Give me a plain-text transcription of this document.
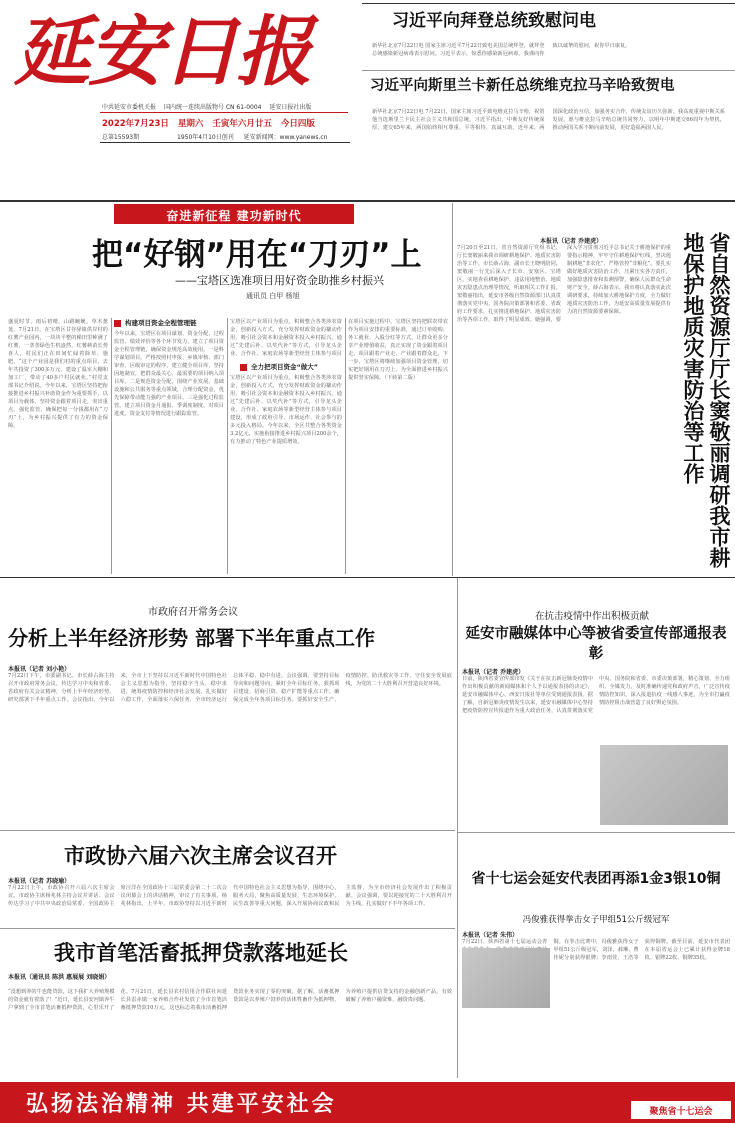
延安日报
中共延安市委机关报 国内统一连续出版物号 CN 61-0004 延安日报社出版
2022年7月23日 星期六 壬寅年六月廿五 今日四版
总第15593期	1950年4月10日创刊 延安新闻网：www.yanews.cn
习近平向拜登总统致慰问电
新华社北京7月22日电 国家主席习近平7月22日致电美国总统拜登，就拜登总统感染新冠病毒表示慰问。习近平表示，惊悉你感染新冠病毒，我谨向你致以诚挚的慰问，祝你早日康复。
习近平向斯里兰卡新任总统维克拉马辛哈致贺电
新华社北京7月22日电 7月22日，国家主席习近平致电维克拉马辛哈，祝贺他当选斯里兰卡民主社会主义共和国总统。习近平指出，中斯友好传统深厚，建交65年来，两国始终相互尊重、平等相待、真诚互助。近年来，两国深化政治互信，加强务实合作，传统友谊历久弥新。我高度重视中斯关系发展，愿与维克拉马辛哈总统共同努力，以明年中斯建交66周年为契机，推动两国关系不断向前发展，更好造福两国人民。
奋进新征程 建功新时代
把“好钢”用在“刀刃”上
——宝塔区选准项目用好资金助推乡村振兴
通讯员 白甲 杨旭
盛夏时节，雨后初晴，山路蜿蜒，草木葱茏。7月21日，在宝塔区甘谷驿镇供岸村的红薯产业园内，一块块平整的梯田里种满了红薯，一垄垄绿色生机盎然，红薯秧苗长势喜人，村民们正在田间忙碌着除草、施肥。“这个产业园是我们村的重点项目，去年共投资了300多万元，建设了温室大棚和加工厂，带动了40多户村民就业。”村党支部书记介绍说。今年以来，宝塔区坚持把衔接推进乡村振兴补助资金作为重要抓手，以项目为载体，坚持资金跟着项目走，突出重点、强化监管，确保把每一分钱都用在“刀刃”上，为乡村振兴提供了有力的资金保障。
构建项目资金全程管理链
今年以来，宝塔区在项目谋划、资金分配、过程监管、绩效评价等各个环节发力，建立了项目资金全程管理链，确保资金规范高效使用。一是科学谋划项目。严格按照村申报、乡镇审核、部门审查、区级审定的程序，建立健全项目库，坚持因地制宜，把群众最关心、最需要的项目纳入项目库。二是规范资金分配。围绕产业发展、基础设施和公共服务等重点领域，合理分配资金，优先保障带动能力强的产业项目。三是强化过程监管。建立项目资金月通报、季调度制度，对项目进度、资金支付等情况进行跟踪监管。
宝塔区以产业项目为重点，积极整合各类涉农资金，创新投入方式，充分发挥财政资金的撬动作用，吸引社会资本和金融资本投入乡村振兴。通过“先建后补、以奖代补”等方式，引导龙头企业、合作社、家庭农场等新型经营主体参与项目
全力把项目资金“做大”
宝塔区以产业项目为重点，积极整合各类涉农资金，创新投入方式，充分发挥财政资金的撬动作用，吸引社会资本和金融资本投入乡村振兴。通过“先建后补、以奖代补”等方式，引导龙头企业、合作社、家庭农场等新型经营主体参与项目建设，形成了政府引导、市场运作、社会参与的多元投入格局。今年以来，全区共整合各类资金3.2亿元，实施衔接推进乡村振兴项目200余个，有力推动了特色产业提质增效。
在项目实施过程中，宝塔区坚持把联农带农作为项目安排的重要标准，通过订单收购、务工就业、入股分红等方式，让群众更多分享产业增值收益，真正实现了资金跟着项目走、项目跟着产业走、产业跟着群众走。下一步，宝塔区将继续加强项目资金管理，切实把好钢用在刀刃上，为全面推进乡村振兴提供坚实保障。（下转第二版）	省自然资源厅厅长窦敬丽调研我市耕地保护地质灾害防治等工作
本报讯（记者 乔建虎）
7月20日至21日，省自然资源厅党组书记、厅长窦敬丽来我市调研耕地保护、地质灾害防治等工作。市长薛占海，副市长王晓明陪同。窦敬丽一行先后深入子长市、安塞区、宝塔区，实地查看耕地保护、违法用地整治、地质灾害隐患点治理等情况，听取相关工作汇报。窦敬丽指出，延安市各级自然资源部门认真贯彻落实党中央、国务院决策部署和省委、省政府工作要求，扎实推进耕地保护、地质灾害防治等各项工作，取得了明显成效。她强调，要深入学习贯彻习近平总书记关于耕地保护的重要指示精神，牢牢守住耕地保护红线，坚决遏制耕地“非农化”、严格管控“非粮化”。要扎实做好地质灾害防治工作，压紧压实各方责任，加强隐患排查和监测预警，确保人民群众生命财产安全。薛占海表示，我市将认真落实此次调研要求，持续加大耕地保护力度，全力做好地质灾害防治工作，为延安高质量发展提供有力的自然资源要素保障。
市政府召开常务会议
分析上半年经济形势 部署下半年重点工作
本报讯（记者 刘小艳）
7月22日下午，市委副书记、市长薛占海主持召开市政府常务会议，传达学习中央和省委、省政府有关会议精神，分析上半年经济形势，研究部署下半年重点工作。会议指出，今年以来，全市上下坚持以习近平新时代中国特色社会主义思想为指导，坚持稳字当头、稳中求进，统筹疫情防控和经济社会发展，扎实做好六稳工作，全面落实六保任务，全市经济运行总体平稳、稳中有进。会议强调，要坚持目标导向和问题导向，紧盯全年目标任务，狠抓项目建设、招商引资、稳产扩能等重点工作，确保完成全年各项目标任务。要抓好安全生产、疫情防控、防汛救灾等工作，守住安全发展底线，为党的二十大胜利召开营造良好环境。
市政协六届六次主席会议召开
本报讯（记者 苏晓瑜）
7月22日上午，市政协召开六届六次主席会议。市政协主席杨兆林主持会议并讲话。会议传达学习了中共中央政治局常委、全国政协主席汪洋在全国政协十三届常委会第二十二次会议闭幕会上的讲话精神，审议了有关事项。杨兆林指出，上半年，市政协坚持以习近平新时代中国特色社会主义思想为指导，围绕中心、服务大局，聚焦高质量发展、生态环境保护、民生改善等重大问题，深入开展协商议政和民主监督，为全市经济社会发展作出了积极贡献。会议强调，要以迎接党的二十大胜利召开为主线，扎实做好下半年各项工作。
我市首笔活畜抵押贷款落地延长
本报讯（通讯员 陈洪 惠展展 刘晓娟）
“没想到养的牛也能贷款，这下我扩大养殖规模的资金就有着落了！”近日，延长县安河镇养牛户拿到了全市首笔活畜抵押贷款，心里乐开了花。7月21日，延长县农村信用合作联社向延长县雷赤镇一家养殖合作社发放了全市首笔活畜抵押贷款10万元，这也标志着我市活畜抵押贷款业务实现了零的突破。据了解，活畜抵押贷款是以养殖户饲养的活体牲畜作为抵押物，为养殖户提供信贷支持的金融创新产品，有效破解了养殖户融资难、融资贵问题。
在抗击疫情中作出积极贡献
延安市融媒体中心等被省委宣传部通报表彰
本报讯（记者 乔建虎）
日前，陕西省委宣传部印发《关于在抗击新冠肺炎疫情中作出积极贡献的新闻媒体和个人予以通报表扬的决定》，延安市融媒体中心、西安日报社等单位受到通报表扬。据了解，自新冠肺炎疫情发生以来，延安市融媒体中心坚持把疫情防控宣传报道作为重大政治任务，认真贯彻落实党中央、国务院和省委、市委决策部署，精心策划、全力组织、全媒发力，及时准确传递党和政府声音，广泛宣传疫情防控知识，深入报道抗疫一线感人事迹，为全市打赢疫情防控阻击战营造了良好舆论氛围。
省十七运会延安代表团再添1金3银10铜
冯俊雅获得拳击女子甲组51公斤级冠军
本报讯（记者 朱伟）
7月22日，陕西省第十七届运动会青 铜。在拳击比赛中，冯俊雅获得女子甲组51公斤级冠军，刘泽、郝琳、曹佳妮分别获得银牌；李雨萱、王浩等获得铜牌。截至目前，延安市代表团在本届省运会上已累计获得金牌18枚、银牌22枚、铜牌35枚。
弘扬法治精神 共建平安社会	聚焦省十七运会
